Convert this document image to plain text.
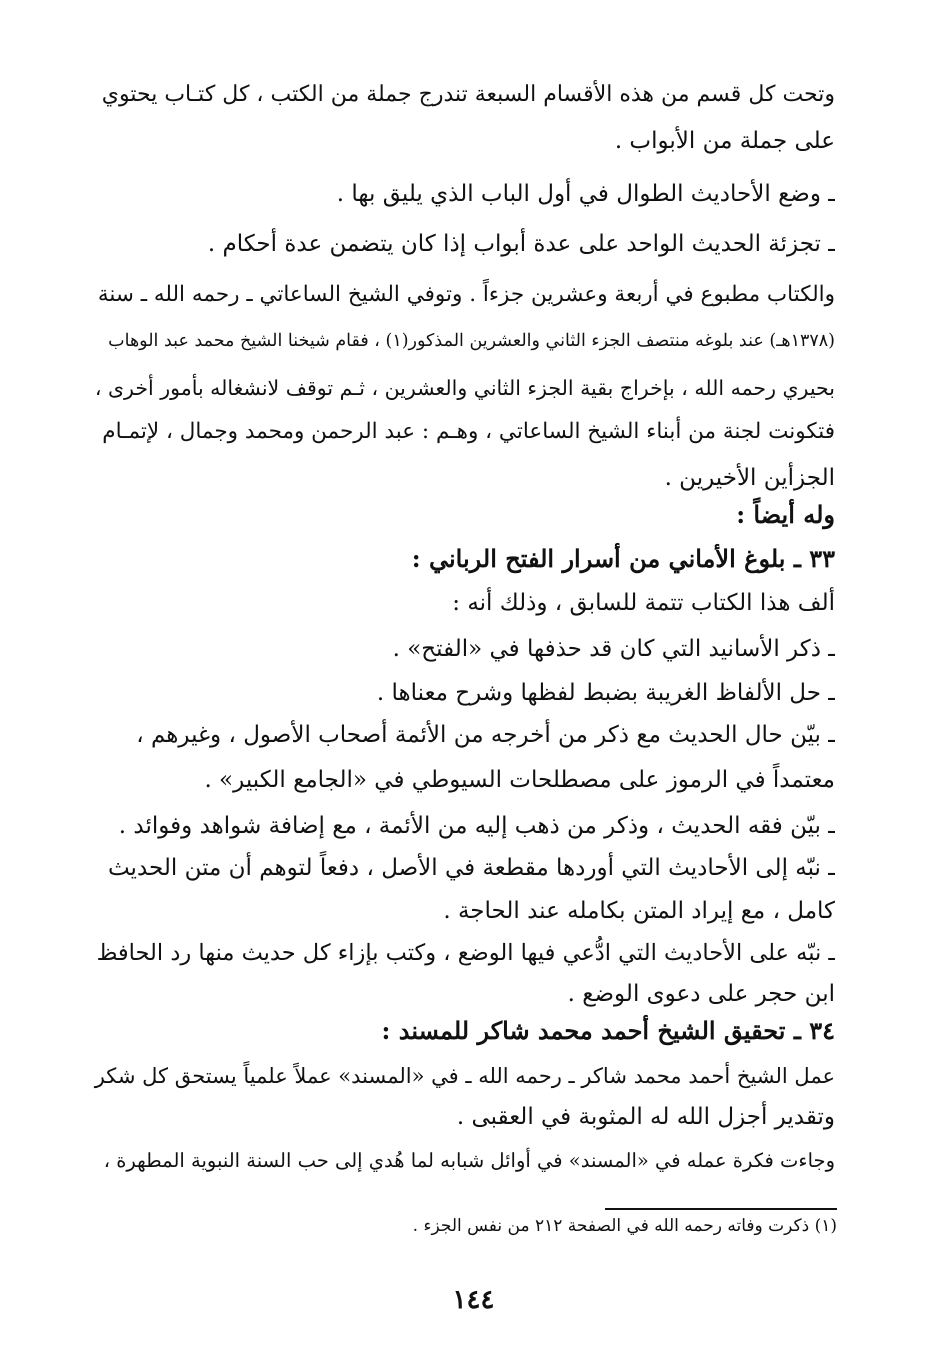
وتحت كل قسم من هذه الأقسام السبعة تندرج جملة من الكتب ، كل كتـاب يحتوي
على جملة من الأبواب .
ـ وضع الأحاديث الطوال في أول الباب الذي يليق بها .
ـ تجزئة الحديث الواحد على عدة أبواب إذا كان يتضمن عدة أحكام .
والكتاب مطبوع في أربعة وعشرين جزءاً . وتوفي الشيخ الساعاتي ـ رحمه الله ـ سنة
(١٣٧٨هـ) عند بلوغه منتصف الجزء الثاني والعشرين المذكور(١) ، فقام شيخنا الشيخ محمد عبد الوهاب
بحيري رحمه الله ، بإخراج بقية الجزء الثاني والعشرين ، ثـم توقف لانشغاله بأمور أخرى ،
فتكونت لجنة من أبناء الشيخ الساعاتي ، وهـم : عبد الرحمن ومحمد وجمال ، لإتمـام
الجزأين الأخيرين .
وله أيضاً :
٣٣ ـ بلوغ الأماني من أسرار الفتح الرباني :
ألف هذا الكتاب تتمة للسابق ، وذلك أنه :
ـ ذكر الأسانيد التي كان قد حذفها في «الفتح» .
ـ حل الألفاظ الغريبة بضبط لفظها وشرح معناها .
ـ بيّن حال الحديث مع ذكر من أخرجه من الأئمة أصحاب الأصول ، وغيرهم ،
معتمداً في الرموز على مصطلحات السيوطي في «الجامع الكبير» .
ـ بيّن فقه الحديث ، وذكر من ذهب إليه من الأئمة ، مع إضافة شواهد وفوائد .
ـ نبّه إلى الأحاديث التي أوردها مقطعة في الأصل ، دفعاً لتوهم أن متن الحديث
كامل ، مع إيراد المتن بكامله عند الحاجة .
ـ نبّه على الأحاديث التي ادُّعي فيها الوضع ، وكتب بإزاء كل حديث منها رد الحافظ
ابن حجر على دعوى الوضع .
٣٤ ـ تحقيق الشيخ أحمد محمد شاكر للمسند :
عمل الشيخ أحمد محمد شاكر ـ رحمه الله ـ في «المسند» عملاً علمياً يستحق كل شكر
وتقدير أجزل الله له المثوبة في العقبى .
وجاءت فكرة عمله في «المسند» في أوائل شبابه لما هُدي إلى حب السنة النبوية المطهرة ،
(١) ذكرت وفاته رحمه الله في الصفحة ٢١٢ من نفس الجزء .
١٤٤
